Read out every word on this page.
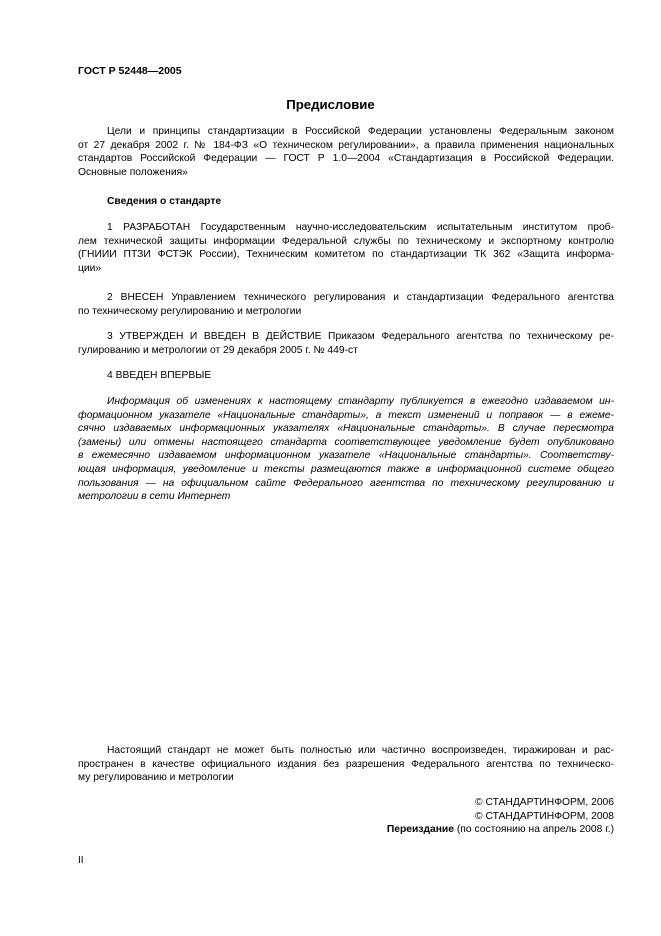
ГОСТ Р 52448—2005
Предисловие
Цели и принципы стандартизации в Российской Федерации установлены Федеральным законом
от 27 декабря 2002 г. № 184-ФЗ «О техническом регулировании», а правила применения национальных
стандартов Российской Федерации — ГОСТ Р 1.0—2004 «Стандартизация в Российской Федерации.
Основные положения»
Сведения о стандарте
1 РАЗРАБОТАН Государственным научно-исследовательским испытательным институтом проб-
лем технической защиты информации Федеральной службы по техническому и экспортному контролю
(ГНИИИ ПТЗИ ФСТЭК России), Техническим комитетом по стандартизации ТК 362 «Защита информа-
ции»
2 ВНЕСЕН Управлением технического регулирования и стандартизации Федерального агентства
по техническому регулированию и метрологии
3 УТВЕРЖДЕН И ВВЕДЕН В ДЕЙСТВИЕ Приказом Федерального агентства по техническому ре-
гулированию и метрологии от 29 декабря 2005 г. № 449-ст
4 ВВЕДЕН ВПЕРВЫЕ
Информация об изменениях к настоящему стандарту публикуется в ежегодно издаваемом ин-
формационном указателе «Национальные стандарты», а текст изменений и поправок — в ежеме-
сячно издаваемых информационных указателях «Национальные стандарты». В случае пересмотра
(замены) или отмены настоящего стандарта соответствующее уведомление будет опубликовано
в ежемесячно издаваемом информационном указателе «Национальные стандарты». Соответству-
ющая информация, уведомление и тексты размещаются также в информационной системе общего
пользования — на официальном сайте Федерального агентства по техническому регулированию и
метрологии в сети Интернет
Настоящий стандарт не может быть полностью или частично воспроизведен, тиражирован и рас-
пространен в качестве официального издания без разрешения Федерального агентства по техническо-
му регулированию и метрологии
© СТАНДАРТИНФОРМ, 2006
© СТАНДАРТИНФОРМ, 2008
Переиздание (по состоянию на апрель 2008 г.)
II
